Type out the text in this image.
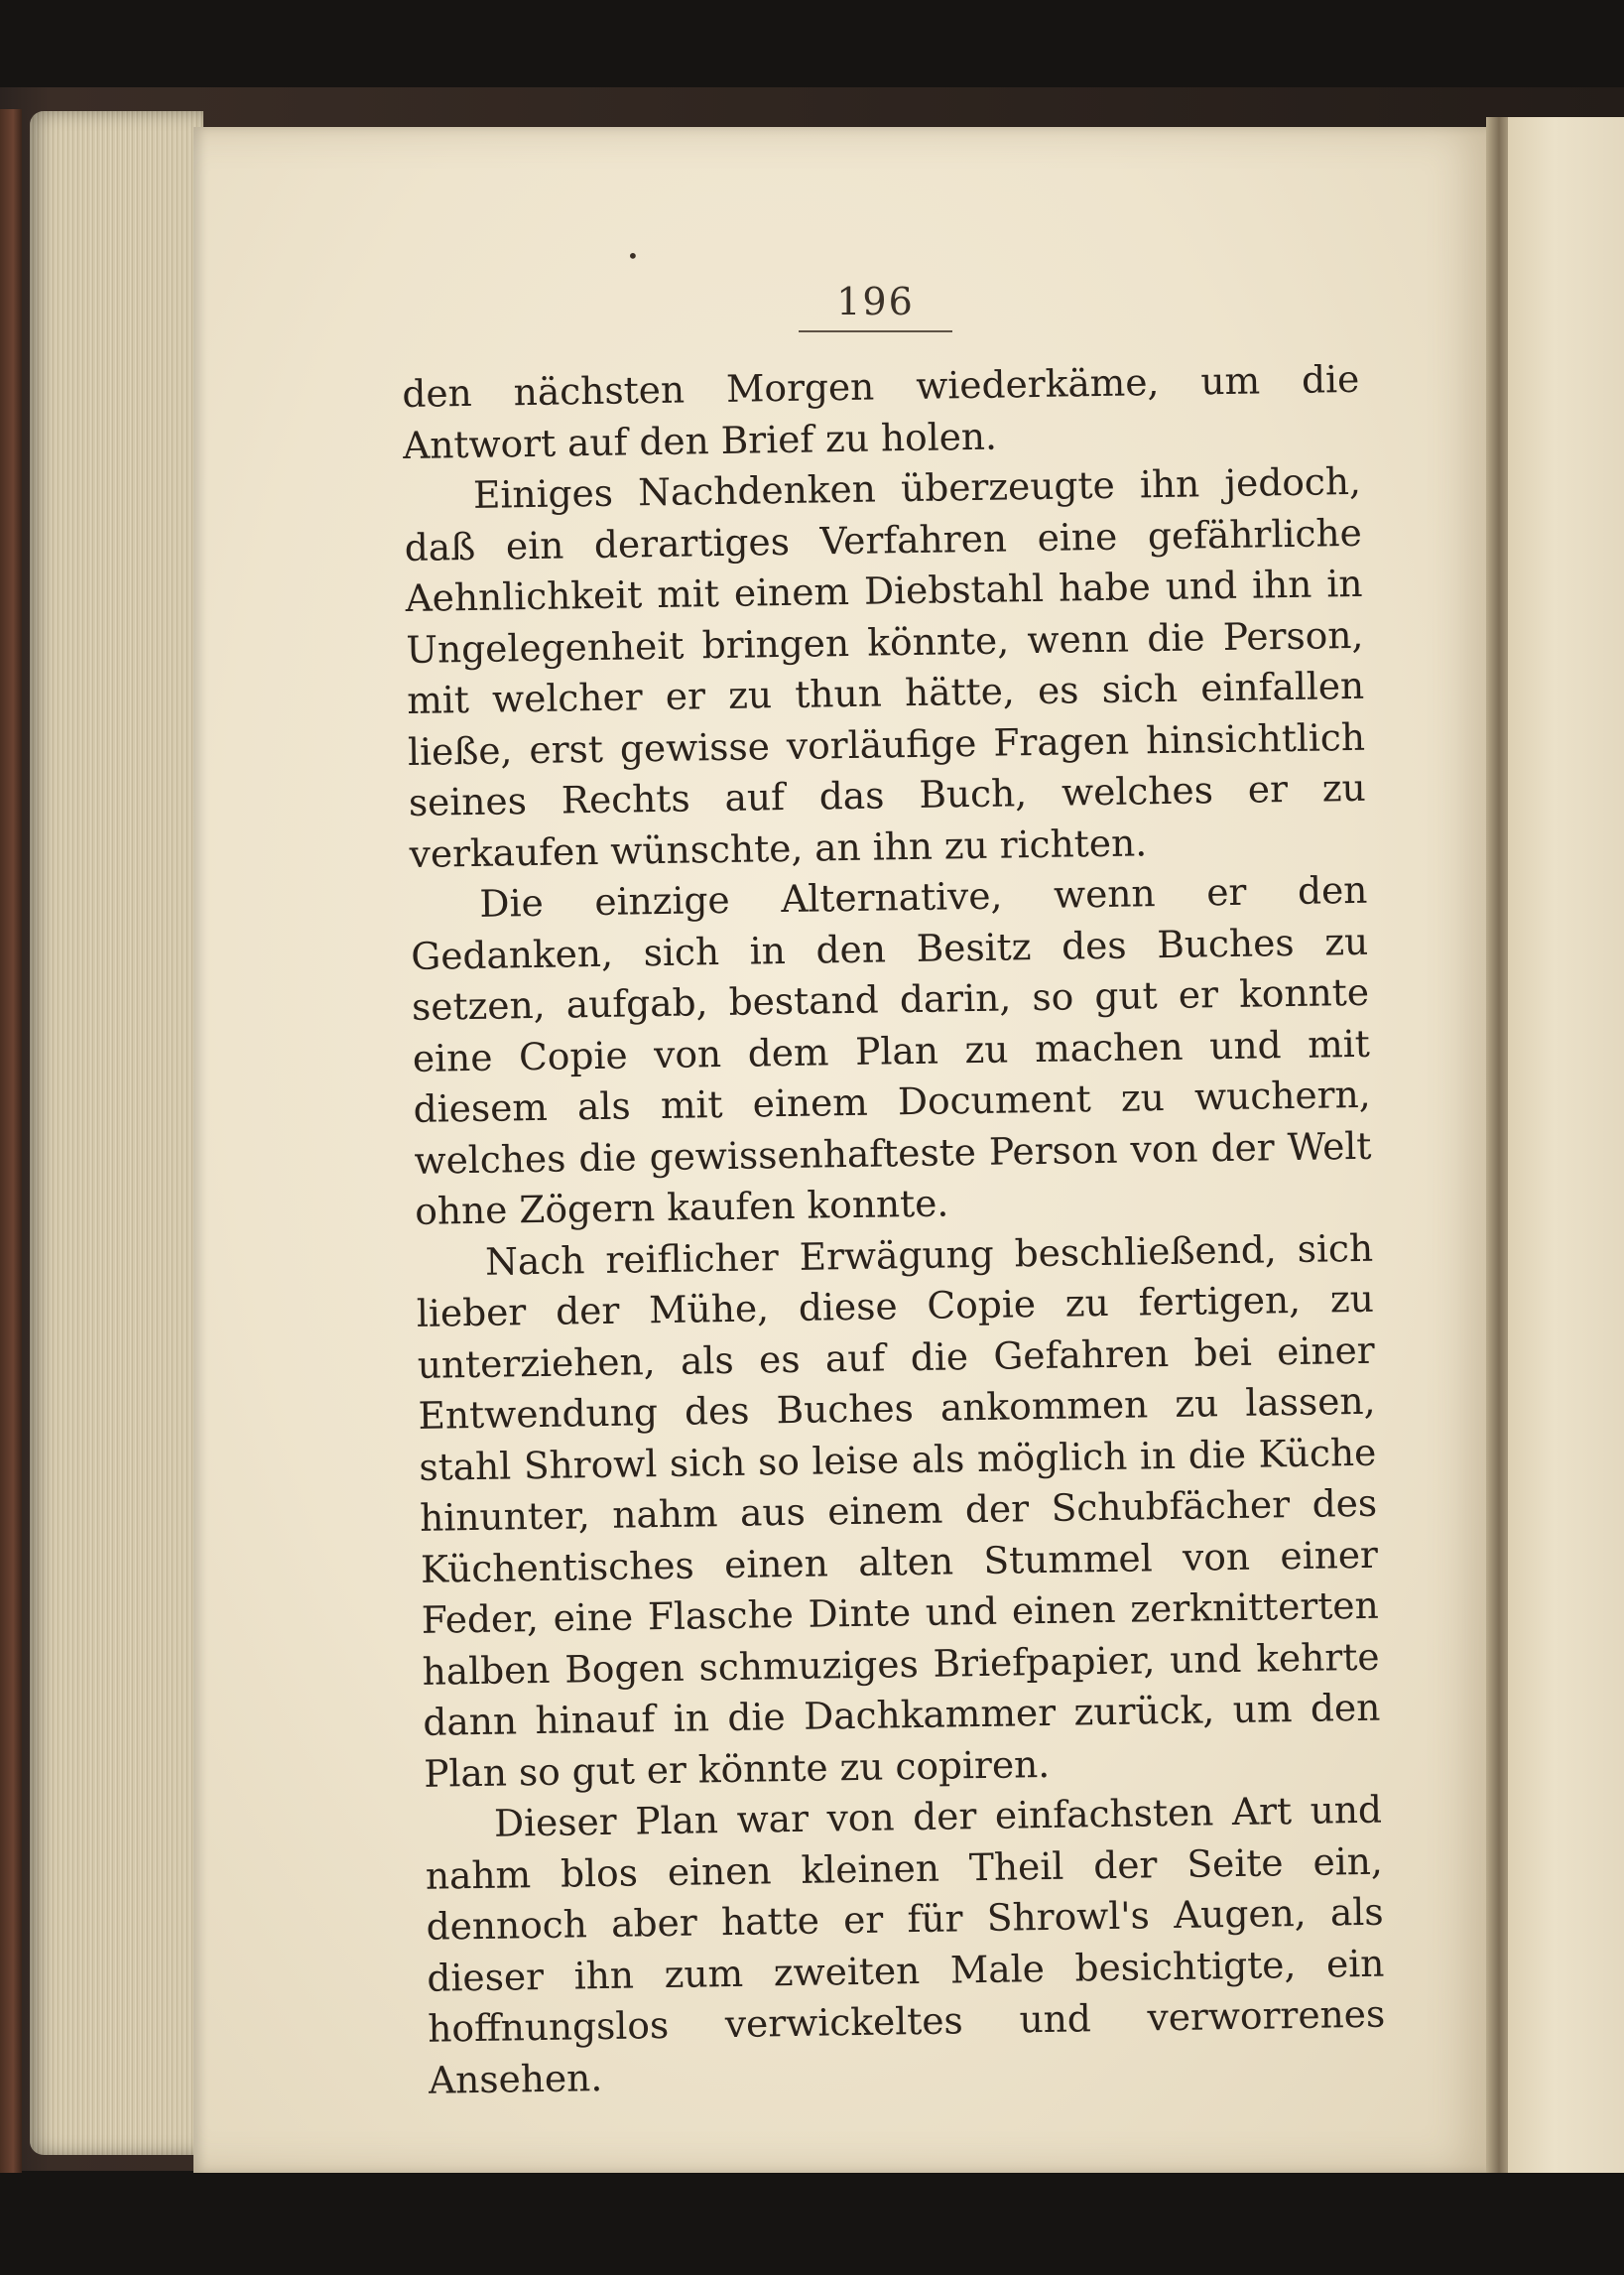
•
196

den nächsten Morgen wiederkäme, um die Antwort auf den Brief zu holen.

Einiges Nachdenken überzeugte ihn jedoch, daß ein derartiges Verfahren eine gefährliche Aehnlichkeit mit einem Diebstahl habe und ihn in Ungelegenheit bringen könnte, wenn die Person, mit welcher er zu thun hätte, es sich einfallen ließe, erst gewisse vorläufige Fragen hinsichtlich seines Rechts auf das Buch, welches er zu verkaufen wünschte, an ihn zu richten.

Die einzige Alternative, wenn er den Gedanken, sich in den Besitz des Buches zu setzen, aufgab, bestand darin, so gut er konnte eine Copie von dem Plan zu machen und mit diesem als mit einem Document zu wuchern, welches die gewissenhafteste Person von der Welt ohne Zögern kaufen konnte.

Nach reiflicher Erwägung beschließend, sich lieber der Mühe, diese Copie zu fertigen, zu unterziehen, als es auf die Gefahren bei einer Entwendung des Buches ankommen zu lassen, stahl Shrowl sich so leise als möglich in die Küche hinunter, nahm aus einem der Schubfächer des Küchentisches einen alten Stummel von einer Feder, eine Flasche Dinte und einen zerknitterten halben Bogen schmuziges Briefpapier, und kehrte dann hinauf in die Dachkammer zurück, um den Plan so gut er könnte zu copiren.

Dieser Plan war von der einfachsten Art und nahm blos einen kleinen Theil der Seite ein, dennoch aber hatte er für Shrowl's Augen, als dieser ihn zum zweiten Male besichtigte, ein hoffnungslos verwickeltes und verworrenes Ansehen.
